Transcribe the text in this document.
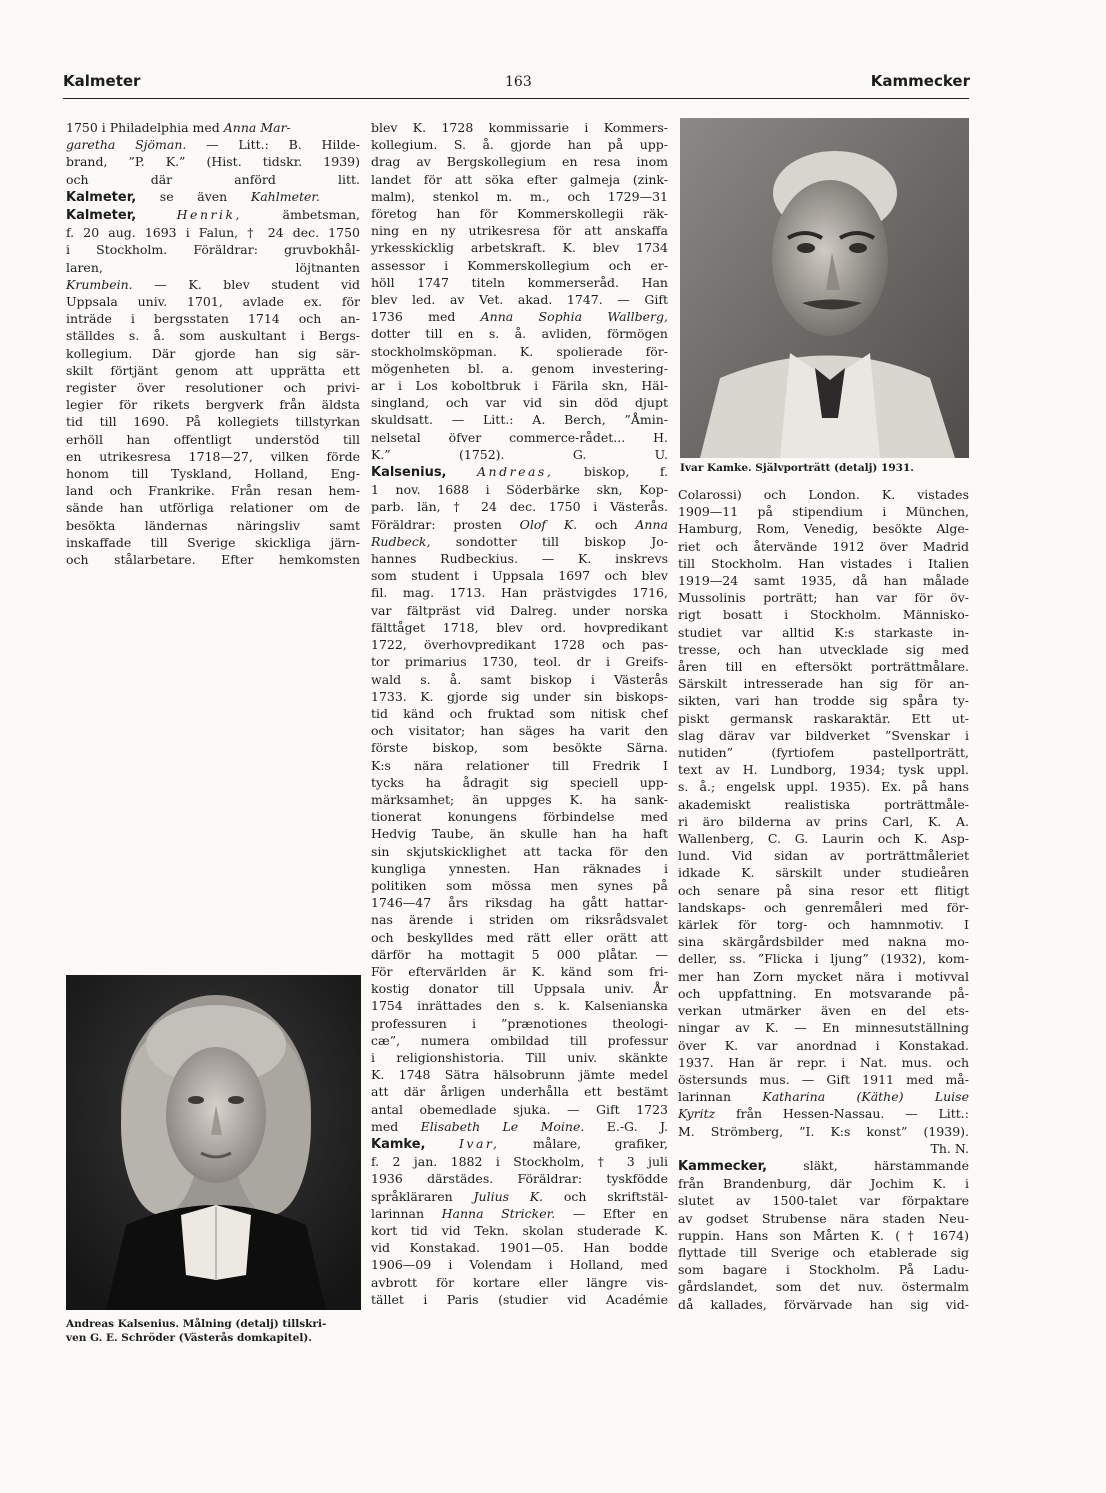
Kalmeter	163	Kammecker
1750 i Philadelphia med Anna Mar-
garetha Sjöman. — Litt.: B. Hilde-
brand, ”P. K.” (Hist. tidskr. 1939)
och där anförd litt.
Kalmeter, se även Kahlmeter.
Kalmeter,	Henrik,	ämbetsman,
f. 20 aug. 1693 i Falun, † 24 dec. 1750
i Stockholm. Föräldrar: gruvbokhål-
laren, löjtnanten
Krumbein. — K. blev student vid
Uppsala univ. 1701, avlade ex. för
inträde i bergsstaten 1714 och an-
ställdes s. å. som auskultant i Bergs-
kollegium. Där gjorde han sig sär-
skilt förtjänt genom att upprätta ett
register över resolutioner och privi-
legier för rikets bergverk från äldsta
tid till 1690. På kollegiets tillstyrkan
erhöll han offentligt understöd till
en utrikesresa 1718—27, vilken förde
honom till Tyskland, Holland, Eng-
land och Frankrike. Från resan hem-
sände han utförliga relationer om de
besökta ländernas näringsliv samt
inskaffade till Sverige skickliga järn-
och stålarbetare. Efter hemkomsten
blev K. 1728 kommissarie i Kommers-
kollegium. S. å. gjorde han på upp-
drag av Bergskollegium en resa inom
landet för att söka efter galmeja (zink-
malm), stenkol m. m., och 1729—31
företog han för Kommerskollegii räk-
ning en ny utrikesresa för att anskaffa
yrkesskicklig arbetskraft. K. blev 1734
assessor i Kommerskollegium och er-
höll 1747 titeln kommerseråd. Han
blev led. av Vet. akad. 1747. — Gift
1736 med Anna Sophia Wallberg,
dotter till en s. å. avliden, förmögen
stockholmsköpman. K. spolierade för-
mögenheten bl. a. genom investering-
ar i Los koboltbruk i Färila skn, Häl-
singland, och var vid sin död djupt
skuldsatt. — Litt.: A. Berch, ”Åmin-
nelsetal öfver commerce-rådet... H.
K.” (1752).	G. U.
Kalsenius, Andreas, biskop, f.
1 nov. 1688 i Söderbärke skn, Kop-
parb. län, † 24 dec. 1750 i Västerås.
Föräldrar: prosten Olof K. och Anna
Rudbeck, sondotter till biskop Jo-
hannes Rudbeckius. — K. inskrevs
som student i Uppsala 1697 och blev
fil. mag. 1713. Han prästvigdes 1716,
var fältpräst vid Dalreg. under norska
fälttåget 1718, blev ord. hovpredikant
1722, överhovpredikant 1728 och pas-
tor primarius 1730, teol. dr i Greifs-
wald s. å. samt biskop i Västerås
1733. K. gjorde sig under sin biskops-
tid känd och fruktad som nitisk chef
och visitator; han säges ha varit den
förste biskop, som besökte Särna.
K:s nära relationer till Fredrik I
tycks ha ådragit sig speciell upp-
märksamhet; än uppges K. ha sank-
tionerat konungens förbindelse med
Hedvig Taube, än skulle han ha haft
sin skjutskicklighet att tacka för den
kungliga ynnesten. Han räknades i
politiken som mössa men synes på
1746—47 års riksdag ha gått hattar-
nas ärende i striden om riksrådsvalet
och beskylldes med rätt eller orätt att
därför ha mottagit 5 000 plåtar. —
För eftervärlden är K. känd som fri-
kostig donator till Uppsala univ. År
1754 inrättades den s. k. Kalsenianska
professuren i ”prænotiones theologi-
cæ”, numera ombildad till professur
i religionshistoria. Till univ. skänkte
K. 1748 Sätra hälsobrunn jämte medel
att där årligen underhålla ett bestämt
antal obemedlade sjuka. — Gift 1723
med Elisabeth Le Moine. E.-G. J.
Kamke,	Ivar,	målare, grafiker,
f. 2 jan. 1882 i Stockholm, † 3 juli
1936 därstädes. Föräldrar: tyskfödde
språkläraren Julius K. och skriftstäl-
larinnan Hanna Stricker. — Efter en
kort tid vid Tekn. skolan studerade K.
vid Konstakad. 1901—05. Han bodde
1906—09 i Volendam i Holland, med
avbrott för kortare eller längre vis-
tället i Paris (studier vid Académie
Colarossi) och London. K. vistades
1909—11 på stipendium i München,
Hamburg, Rom, Venedig, besökte Alge-
riet och återvände 1912 över Madrid
till Stockholm. Han vistades i Italien
1919—24 samt 1935, då han målade
Mussolinis porträtt; han var för öv-
rigt bosatt i Stockholm. Människo-
studiet var alltid K:s starkaste in-
tresse, och han utvecklade sig med
åren till en eftersökt porträttmålare.
Särskilt intresserade han sig för an-
sikten, vari han trodde sig spåra ty-
piskt germansk raskaraktär. Ett ut-
slag därav var bildverket ”Svenskar i
nutiden” (fyrtiofem pastellporträtt,
text av H. Lundborg, 1934; tysk uppl.
s. å.; engelsk uppl. 1935). Ex. på hans
akademiskt realistiska porträttmåle-
ri äro bilderna av prins Carl, K. A.
Wallenberg, C. G. Laurin och K. Asp-
lund. Vid sidan av porträttmåleriet
idkade K. särskilt under studieåren
och senare på sina resor ett flitigt
landskaps- och genremåleri med för-
kärlek för torg- och hamnmotiv. I
sina skärgårdsbilder med nakna mo-
deller, ss. ”Flicka i ljung” (1932), kom-
mer han Zorn mycket nära i motivval
och uppfattning. En motsvarande på-
verkan utmärker även en del ets-
ningar av K. — En minnesutställning
över K. var anordnad i Konstakad.
1937. Han är repr. i Nat. mus. och
östersunds mus. — Gift 1911 med må-
larinnan	Katharina (Käthe) Luise
Kyritz från Hessen-Nassau. — Litt.:
M. Strömberg, ”I. K:s konst” (1939).
Th. N.
Kammecker,	släkt, härstammande
från Brandenburg, där Jochim K. i
slutet av 1500-talet var förpaktare
av godset Strubense nära staden Neu-
ruppin. Hans son Mårten K. († 1674)
flyttade till Sverige och etablerade sig
som bagare i Stockholm. På Ladu-
gårdslandet, som det nuv. östermalm
då kallades, förvärvade han sig vid-
Andreas Kalsenius. Målning (detalj) tillskri-
ven G. E. Schröder (Västerås domkapitel).
Ivar Kamke. Självporträtt (detalj) 1931.
